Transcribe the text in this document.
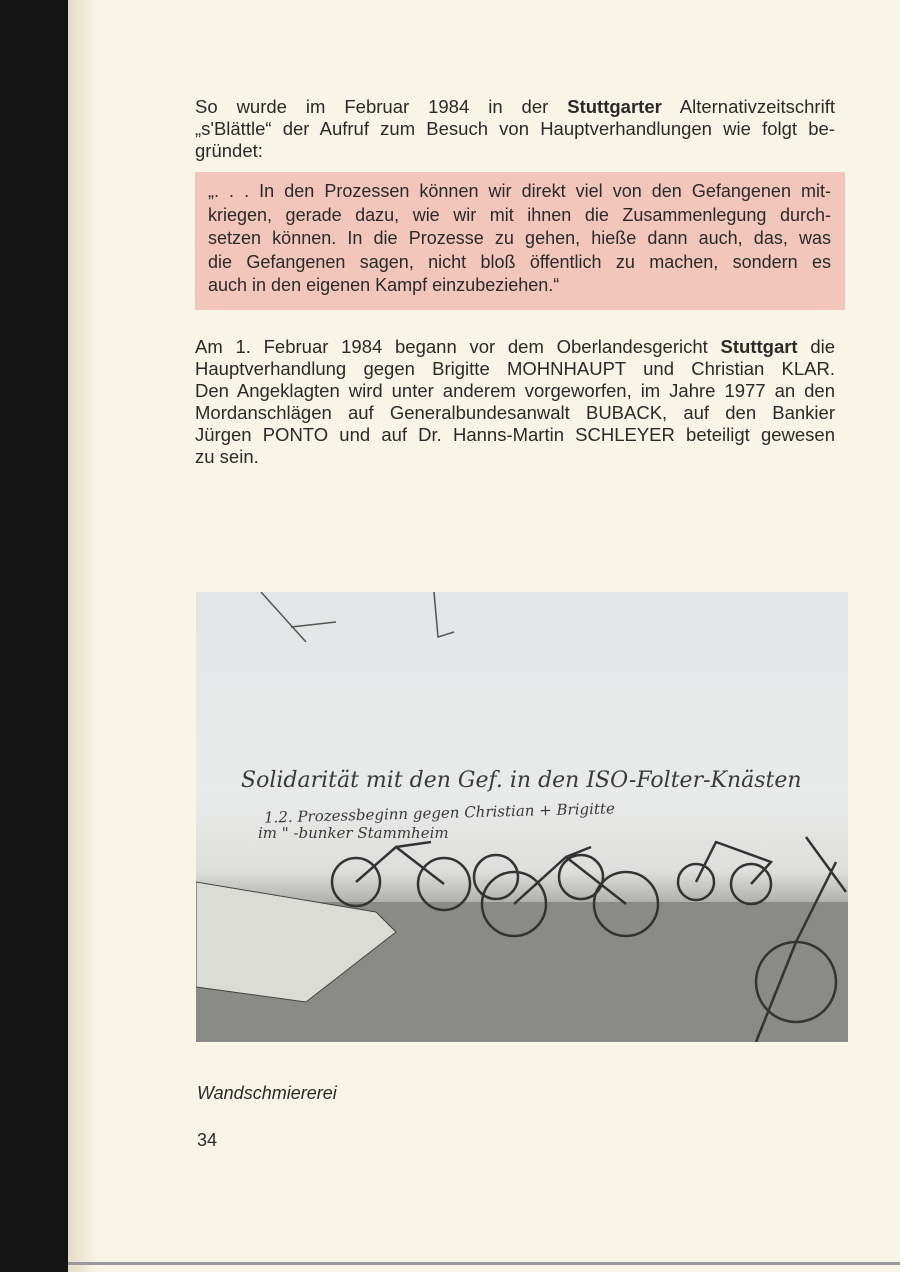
So wurde im Februar 1984 in der Stuttgarter Alternativzeitschrift
„s'Blättle“ der Aufruf zum Besuch von Hauptverhandlungen wie folgt be-
gründet:
„. . . In den Prozessen können wir direkt viel von den Gefangenen mit-
kriegen, gerade dazu, wie wir mit ihnen die Zusammenlegung durch-
setzen können. In die Prozesse zu gehen, hieße dann auch, das, was
die Gefangenen sagen, nicht bloß öffentlich zu machen, sondern es
auch in den eigenen Kampf einzubeziehen.“
Am 1. Februar 1984 begann vor dem Oberlandesgericht Stuttgart die
Hauptverhandlung gegen Brigitte MOHNHAUPT und Christian KLAR.
Den Angeklagten wird unter anderem vorgeworfen, im Jahre 1977 an den
Mordanschlägen auf Generalbundesanwalt BUBACK, auf den Bankier
Jürgen PONTO und auf Dr. Hanns-Martin SCHLEYER beteiligt gewesen
zu sein.
Solidarität mit den Gef. in den ISO-Folter-Knästen
1.2. Prozessbeginn gegen Christian + Brigitte
im " -bunker Stammheim
Wandschmiererei
34
